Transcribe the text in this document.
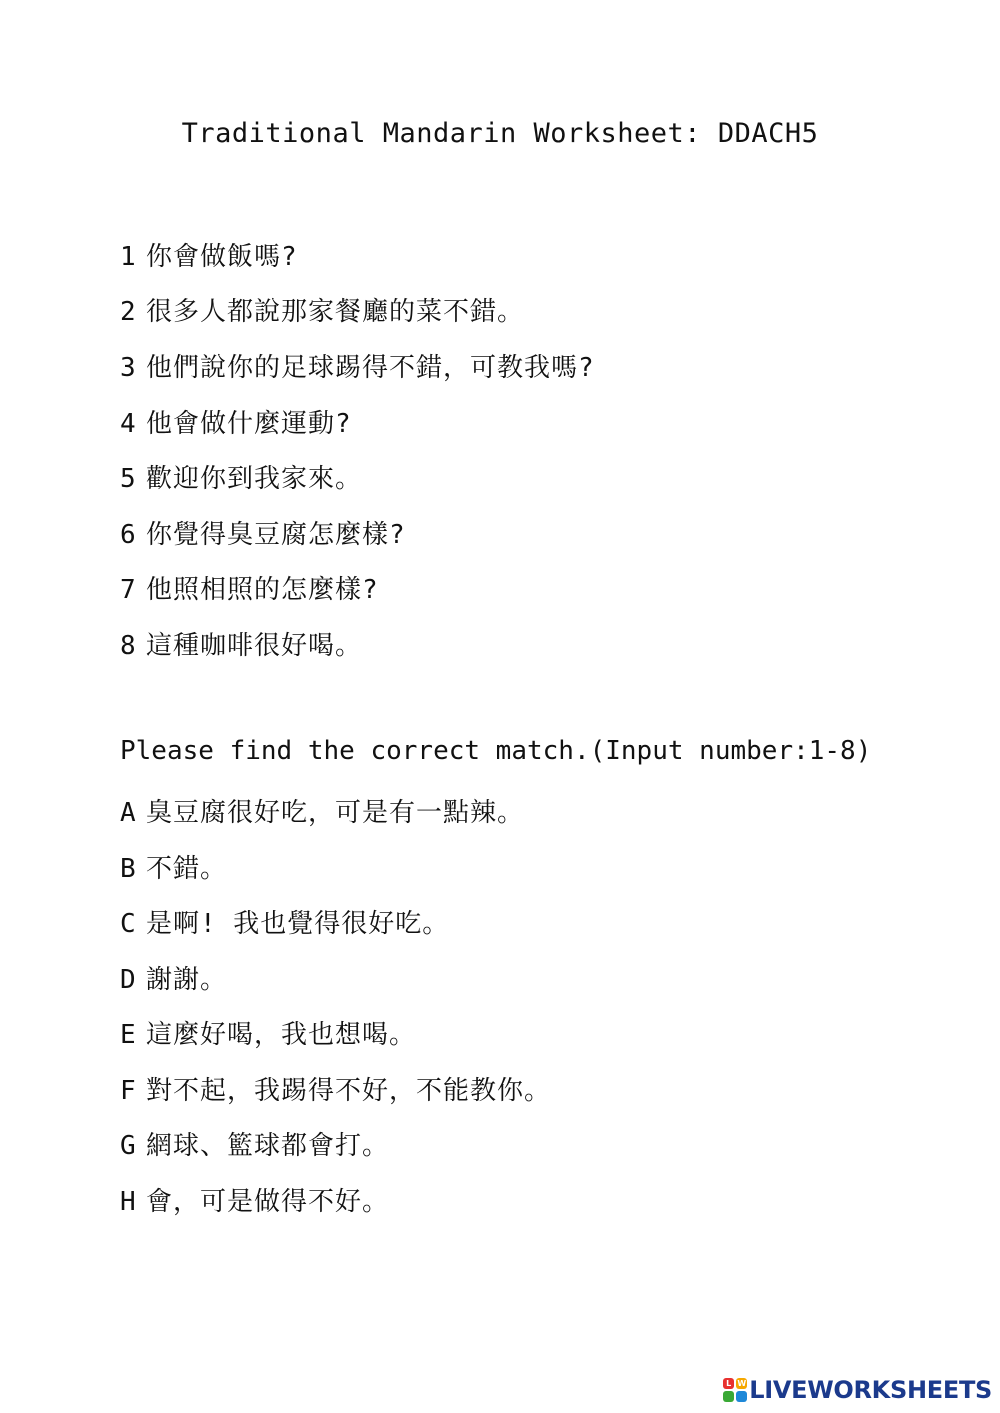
Traditional Mandarin Worksheet: DDACH5
1 你會做飯嗎?
2 很多人都說那家餐廳的菜不錯。
3 他們說你的足球踢得不錯，可教我嗎?
4 他會做什麼運動?
5 歡迎你到我家來。
6 你覺得臭豆腐怎麼樣?
7 他照相照的怎麼樣?
8 這種咖啡很好喝。
Please find the correct match.(Input number:1-8)
A 臭豆腐很好吃，可是有一點辣。
B 不錯。
C 是啊! 我也覺得很好吃。
D 謝謝。
E 這麼好喝，我也想喝。
F 對不起，我踢得不好，不能教你。
G 網球、籃球都會打。
H 會，可是做得不好。
L W LIVEWORKSHEETS
